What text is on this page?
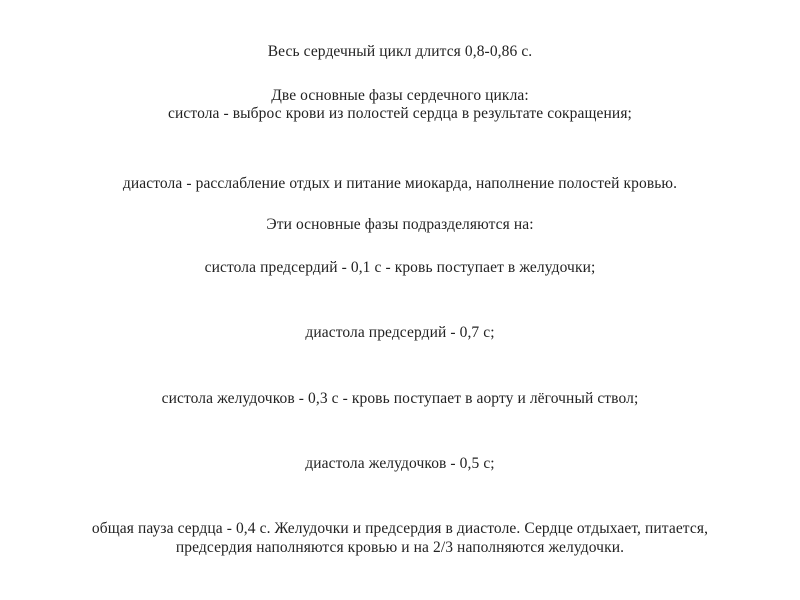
Весь сердечный цикл длится 0,8-0,86 с.
Две основные фазы сердечного цикла:
систола - выброс крови из полостей сердца в результате сокращения;
диастола - расслабление отдых и питание миокарда, наполнение полостей кровью.
Эти основные фазы подразделяются на:
систола предсердий - 0,1 с - кровь поступает в желудочки;
диастола предсердий - 0,7 с;
систола желудочков - 0,3 с - кровь поступает в аорту и лёгочный ствол;
диастола желудочков - 0,5 с;
общая пауза сердца - 0,4 с. Желудочки и предсердия в диастоле. Сердце отдыхает, питается,
предсердия наполняются кровью и на 2/3 наполняются желудочки.
